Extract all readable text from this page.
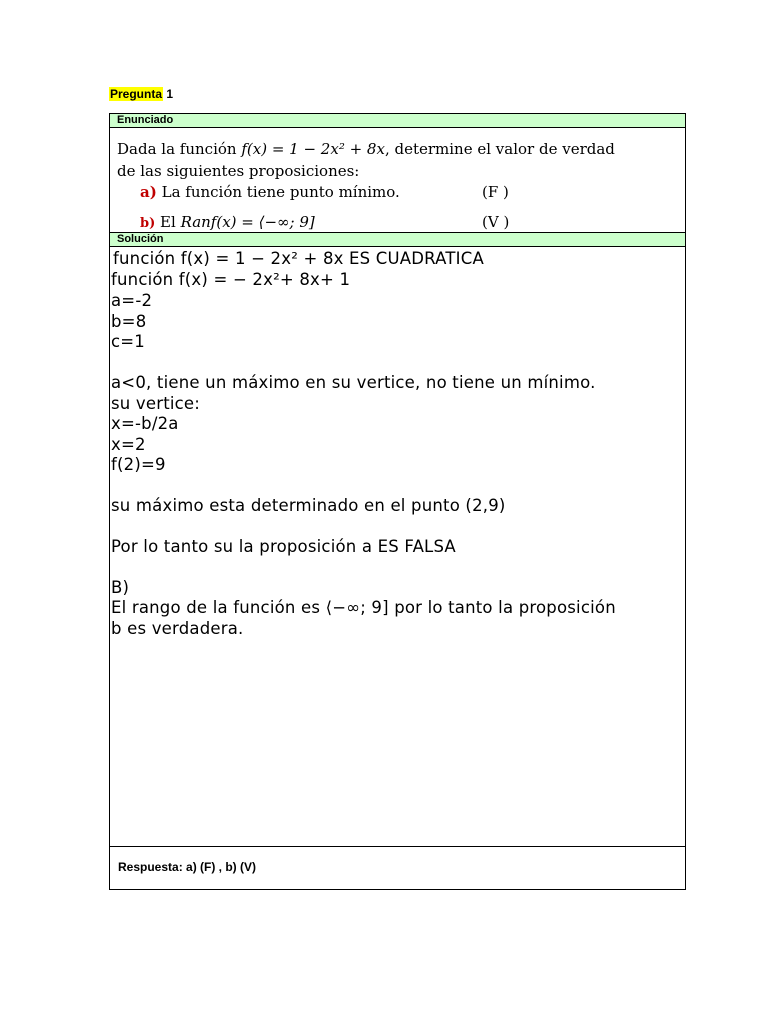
Pregunta 1
Enunciado
Dada la función f(x) = 1 − 2x² + 8x, determine el valor de verdad
de las siguientes proposiciones:
a) La función tiene punto mínimo.	(F )
b) El Ranf(x) = ⟨−∞; 9]	(V )
Solución
función f(x) = 1 − 2x² + 8x ES CUADRATICA
función f(x) = − 2x²+ 8x+ 1
a=-2
b=8
c=1
a<0, tiene un máximo en su vertice, no tiene un mínimo.
su vertice:
x=-b/2a
x=2
f(2)=9
su máximo esta determinado en el punto (2,9)
Por lo tanto su la proposición a ES FALSA
B)
El rango de la función es ⟨−∞; 9] por lo tanto la proposición
b es verdadera.
Respuesta: a) (F) , b) (V)
